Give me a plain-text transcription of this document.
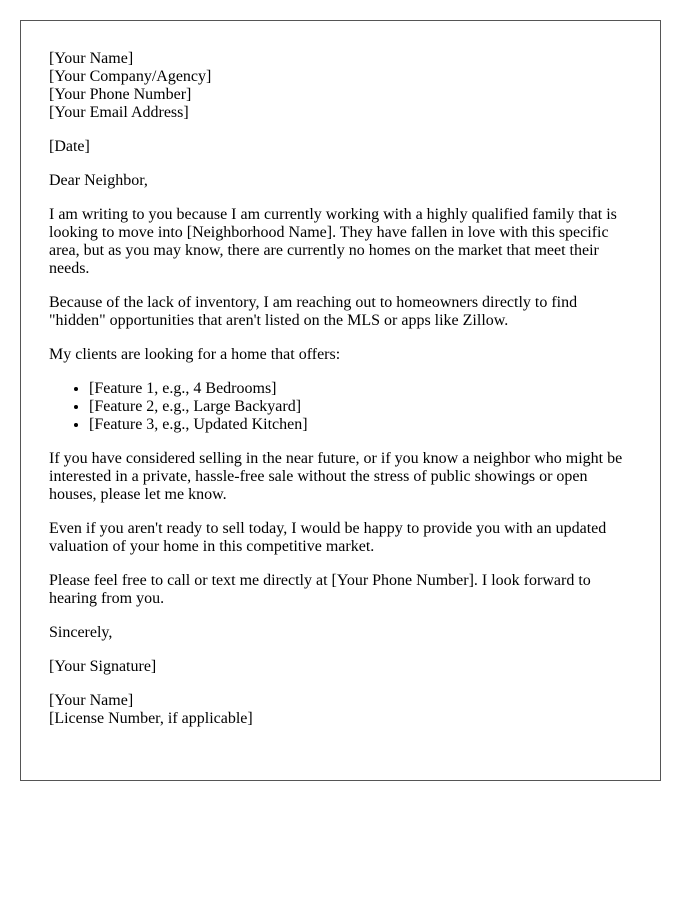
[Your Name]
[Your Company/Agency]
[Your Phone Number]
[Your Email Address]

[Date]

Dear Neighbor,

I am writing to you because I am currently working with a highly qualified family that is looking to move into [Neighborhood Name]. They have fallen in love with this specific area, but as you may know, there are currently no homes on the market that meet their needs.

Because of the lack of inventory, I am reaching out to homeowners directly to find "hidden" opportunities that aren't listed on the MLS or apps like Zillow.

My clients are looking for a home that offers:

• [Feature 1, e.g., 4 Bedrooms]
• [Feature 2, e.g., Large Backyard]
• [Feature 3, e.g., Updated Kitchen]

If you have considered selling in the near future, or if you know a neighbor who might be interested in a private, hassle-free sale without the stress of public showings or open houses, please let me know.

Even if you aren't ready to sell today, I would be happy to provide you with an updated valuation of your home in this competitive market.

Please feel free to call or text me directly at [Your Phone Number]. I look forward to hearing from you.

Sincerely,

[Your Signature]

[Your Name]
[License Number, if applicable]
